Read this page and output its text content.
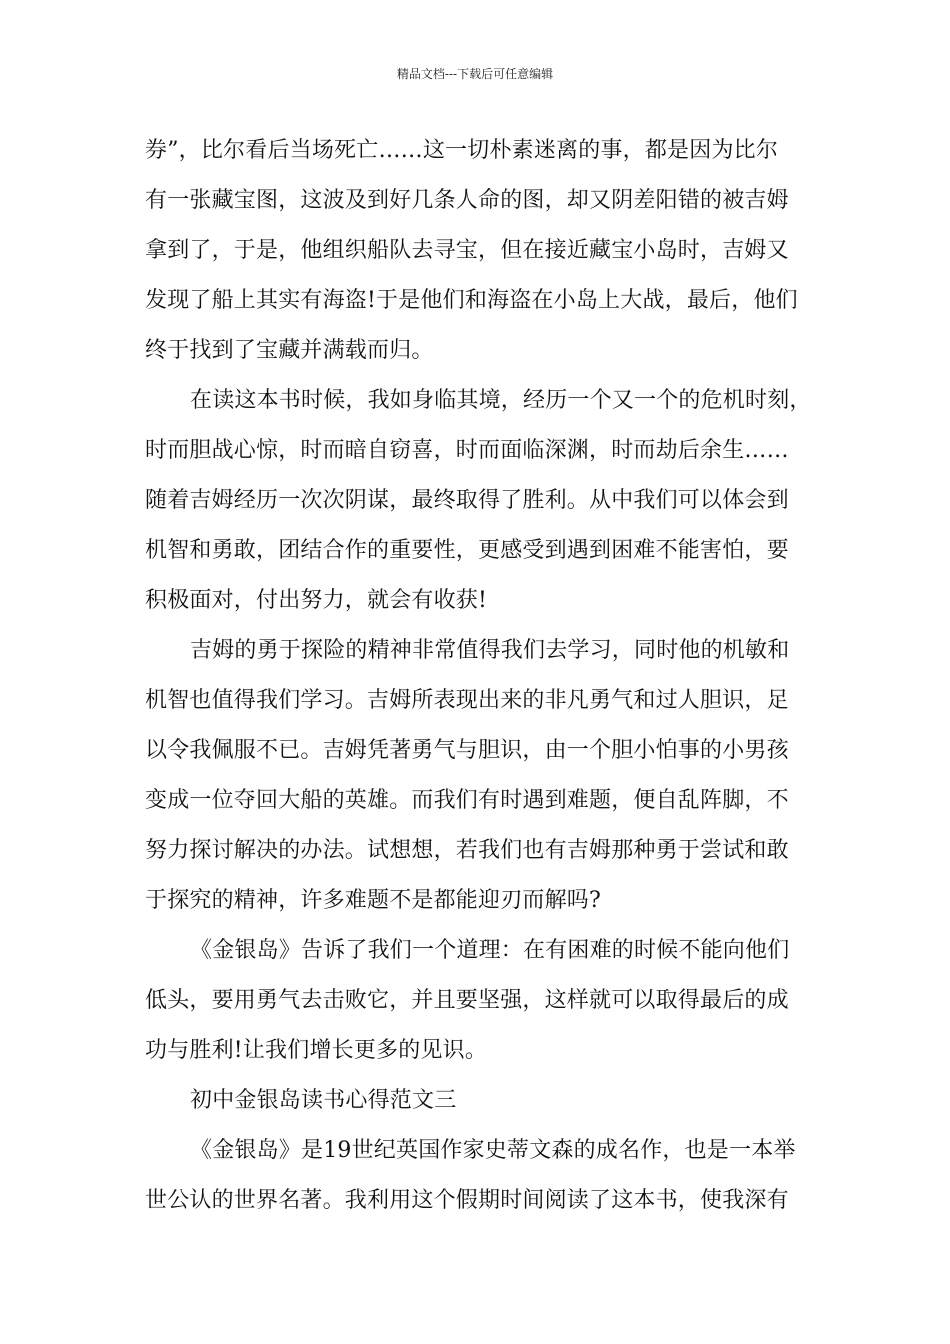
精品文档---下载后可任意编辑
券”，比尔看后当场死亡……这一切朴素迷离的事，都是因为比尔
有一张藏宝图，这波及到好几条人命的图，却又阴差阳错的被吉姆
拿到了，于是，他组织船队去寻宝，但在接近藏宝小岛时，吉姆又
发现了船上其实有海盗!于是他们和海盗在小岛上大战，最后，他们
终于找到了宝藏并满载而归。
在读这本书时候，我如身临其境，经历一个又一个的危机时刻，
时而胆战心惊，时而暗自窃喜，时而面临深渊，时而劫后余生……
随着吉姆经历一次次阴谋，最终取得了胜利。从中我们可以体会到
机智和勇敢，团结合作的重要性，更感受到遇到困难不能害怕，要
积极面对，付出努力，就会有收获!
吉姆的勇于探险的精神非常值得我们去学习，同时他的机敏和
机智也值得我们学习。吉姆所表现出来的非凡勇气和过人胆识，足
以令我佩服不已。吉姆凭著勇气与胆识，由一个胆小怕事的小男孩
变成一位夺回大船的英雄。而我们有时遇到难题，便自乱阵脚，不
努力探讨解决的办法。试想想，若我们也有吉姆那种勇于尝试和敢
于探究的精神，许多难题不是都能迎刃而解吗?
《金银岛》告诉了我们一个道理：在有困难的时候不能向他们
低头，要用勇气去击败它，并且要坚强，这样就可以取得最后的成
功与胜利!让我们增长更多的见识。
初中金银岛读书心得范文三
《金银岛》是19世纪英国作家史蒂文森的成名作，也是一本举
世公认的世界名著。我利用这个假期时间阅读了这本书，使我深有
